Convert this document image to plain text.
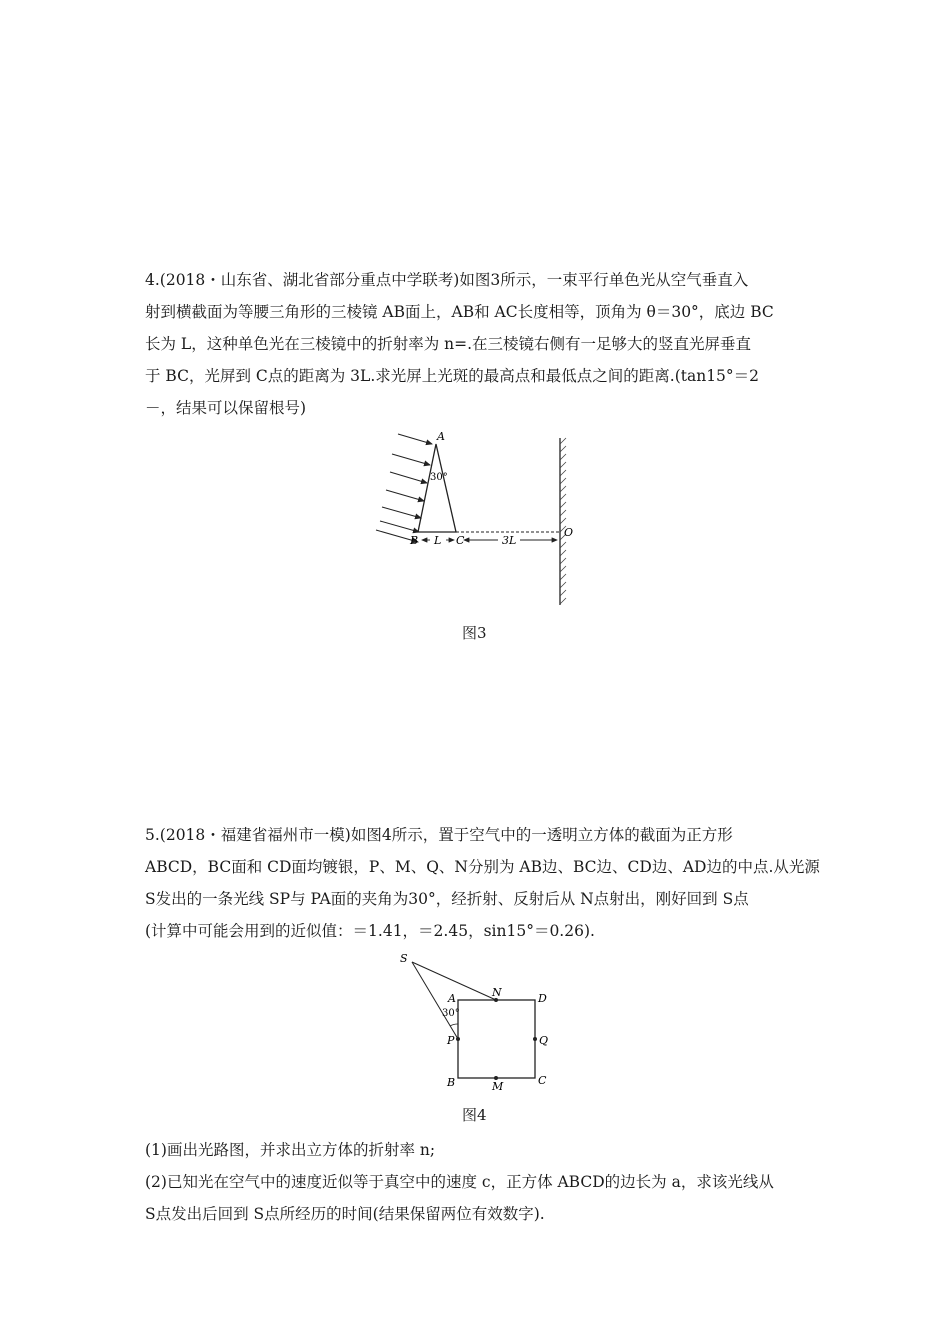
4.(2018・山东省、湖北省部分重点中学联考)如图3所示，一束平行单色光从空气垂直入
射到横截面为等腰三角形的三棱镜 AB面上，AB和 AC长度相等，顶角为 θ＝30°，底边 BC
长为 L，这种单色光在三棱镜中的折射率为 n=.在三棱镜右侧有一足够大的竖直光屏垂直
于 BC，光屏到 C点的距离为 3L.求光屏上光斑的最高点和最低点之间的距离.(tan15°＝2
－，结果可以保留根号)
A
30°
B L C	3L
O
图3
5.(2018・福建省福州市一模)如图4所示，置于空气中的一透明立方体的截面为正方形
ABCD，BC面和 CD面均镀银，P、M、Q、N分别为 AB边、BC边、CD边、AD边的中点.从光源
S发出的一条光线 SP与 PA面的夹角为30°，经折射、反射后从 N点射出，刚好回到 S点
(计算中可能会用到的近似值：＝1.41，＝2.45，sin15°＝0.26).
S
A
30°
N	D
P	Q
B	M	C
图4
(1)画出光路图，并求出立方体的折射率 n;
(2)已知光在空气中的速度近似等于真空中的速度 c，正方体 ABCD的边长为 a，求该光线从
S点发出后回到 S点所经历的时间(结果保留两位有效数字).
